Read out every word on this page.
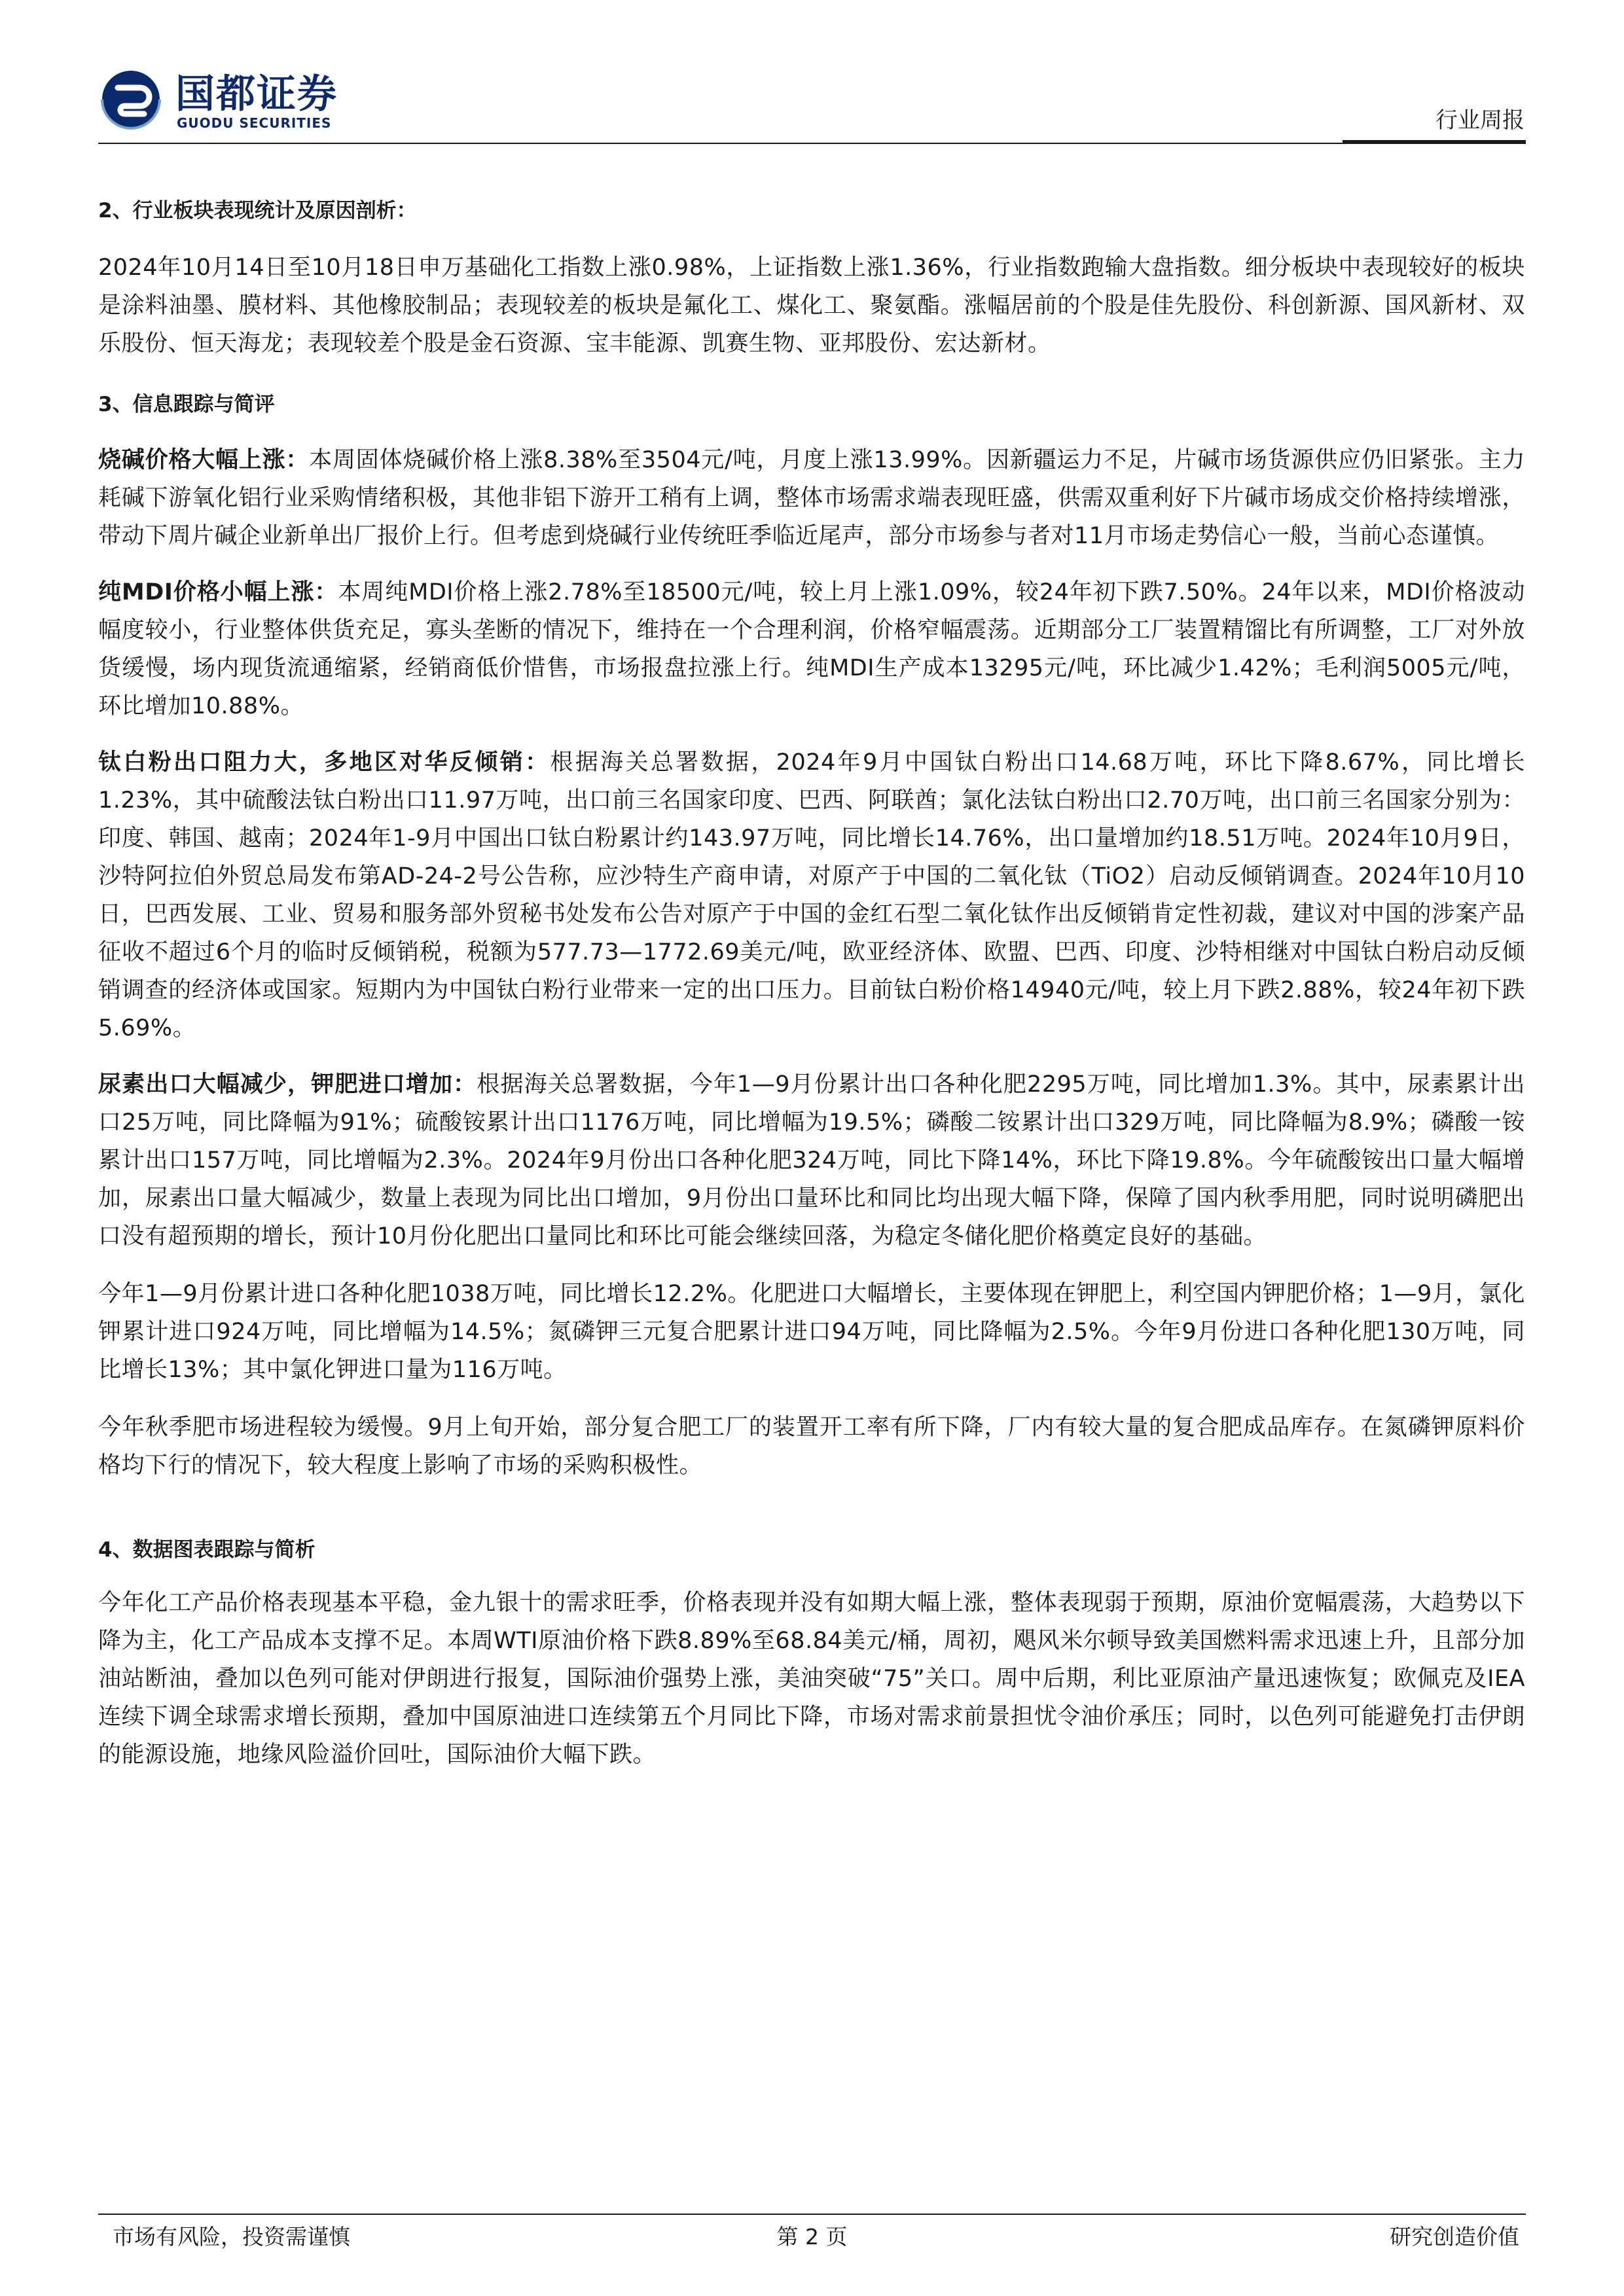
国都证券
GUODU SECURITIES	行业周报

2、行业板块表现统计及原因剖析：

2024年10月14日至10月18日申万基础化工指数上涨0.98%，上证指数上涨1.36%，行业指数跑输大盘指数。细分板块中表现较好的板块是涂料油墨、膜材料、其他橡胶制品；表现较差的板块是氟化工、煤化工、聚氨酯。涨幅居前的个股是佳先股份、科创新源、国风新材、双乐股份、恒天海龙；表现较差个股是金石资源、宝丰能源、凯赛生物、亚邦股份、宏达新材。

3、信息跟踪与简评

烧碱价格大幅上涨：本周固体烧碱价格上涨8.38%至3504元/吨，月度上涨13.99%。因新疆运力不足，片碱市场货源供应仍旧紧张。主力耗碱下游氧化铝行业采购情绪积极，其他非铝下游开工稍有上调，整体市场需求端表现旺盛，供需双重利好下片碱市场成交价格持续增涨，带动下周片碱企业新单出厂报价上行。但考虑到烧碱行业传统旺季临近尾声，部分市场参与者对11月市场走势信心一般，当前心态谨慎。

纯MDI价格小幅上涨：本周纯MDI价格上涨2.78%至18500元/吨，较上月上涨1.09%，较24年初下跌7.50%。24年以来，MDI价格波动幅度较小，行业整体供货充足，寡头垄断的情况下，维持在一个合理利润，价格窄幅震荡。近期部分工厂装置精馏比有所调整，工厂对外放货缓慢，场内现货流通缩紧，经销商低价惜售，市场报盘拉涨上行。纯MDI生产成本13295元/吨，环比减少1.42%；毛利润5005元/吨，环比增加10.88%。

钛白粉出口阻力大，多地区对华反倾销：根据海关总署数据，2024年9月中国钛白粉出口14.68万吨，环比下降8.67%，同比增长1.23%，其中硫酸法钛白粉出口11.97万吨，出口前三名国家印度、巴西、阿联酋；氯化法钛白粉出口2.70万吨，出口前三名国家分别为：印度、韩国、越南；2024年1-9月中国出口钛白粉累计约143.97万吨，同比增长14.76%，出口量增加约18.51万吨。2024年10月9日，沙特阿拉伯外贸总局发布第AD-24-2号公告称，应沙特生产商申请，对原产于中国的二氧化钛（TiO2）启动反倾销调查。2024年10月10日，巴西发展、工业、贸易和服务部外贸秘书处发布公告对原产于中国的金红石型二氧化钛作出反倾销肯定性初裁，建议对中国的涉案产品征收不超过6个月的临时反倾销税，税额为577.73—1772.69美元/吨，欧亚经济体、欧盟、巴西、印度、沙特相继对中国钛白粉启动反倾销调查的经济体或国家。短期内为中国钛白粉行业带来一定的出口压力。目前钛白粉价格14940元/吨，较上月下跌2.88%，较24年初下跌5.69%。

尿素出口大幅减少，钾肥进口增加：根据海关总署数据，今年1—9月份累计出口各种化肥2295万吨，同比增加1.3%。其中，尿素累计出口25万吨，同比降幅为91%；硫酸铵累计出口1176万吨，同比增幅为19.5%；磷酸二铵累计出口329万吨，同比降幅为8.9%；磷酸一铵累计出口157万吨，同比增幅为2.3%。2024年9月份出口各种化肥324万吨，同比下降14%，环比下降19.8%。今年硫酸铵出口量大幅增加，尿素出口量大幅减少，数量上表现为同比出口增加，9月份出口量环比和同比均出现大幅下降，保障了国内秋季用肥，同时说明磷肥出口没有超预期的增长，预计10月份化肥出口量同比和环比可能会继续回落，为稳定冬储化肥价格奠定良好的基础。

今年1—9月份累计进口各种化肥1038万吨，同比增长12.2%。化肥进口大幅增长，主要体现在钾肥上，利空国内钾肥价格；1—9月，氯化钾累计进口924万吨，同比增幅为14.5%；氮磷钾三元复合肥累计进口94万吨，同比降幅为2.5%。今年9月份进口各种化肥130万吨，同比增长13%；其中氯化钾进口量为116万吨。

今年秋季肥市场进程较为缓慢。9月上旬开始，部分复合肥工厂的装置开工率有所下降，厂内有较大量的复合肥成品库存。在氮磷钾原料价格均下行的情况下，较大程度上影响了市场的采购积极性。

4、数据图表跟踪与简析

今年化工产品价格表现基本平稳，金九银十的需求旺季，价格表现并没有如期大幅上涨，整体表现弱于预期，原油价宽幅震荡，大趋势以下降为主，化工产品成本支撑不足。本周WTI原油价格下跌8.89%至68.84美元/桶，周初，飓风米尔顿导致美国燃料需求迅速上升，且部分加油站断油，叠加以色列可能对伊朗进行报复，国际油价强势上涨，美油突破“75”关口。周中后期，利比亚原油产量迅速恢复；欧佩克及IEA连续下调全球需求增长预期，叠加中国原油进口连续第五个月同比下降，市场对需求前景担忧令油价承压；同时，以色列可能避免打击伊朗的能源设施，地缘风险溢价回吐，国际油价大幅下跌。

市场有风险，投资需谨慎	第 2 页	研究创造价值
